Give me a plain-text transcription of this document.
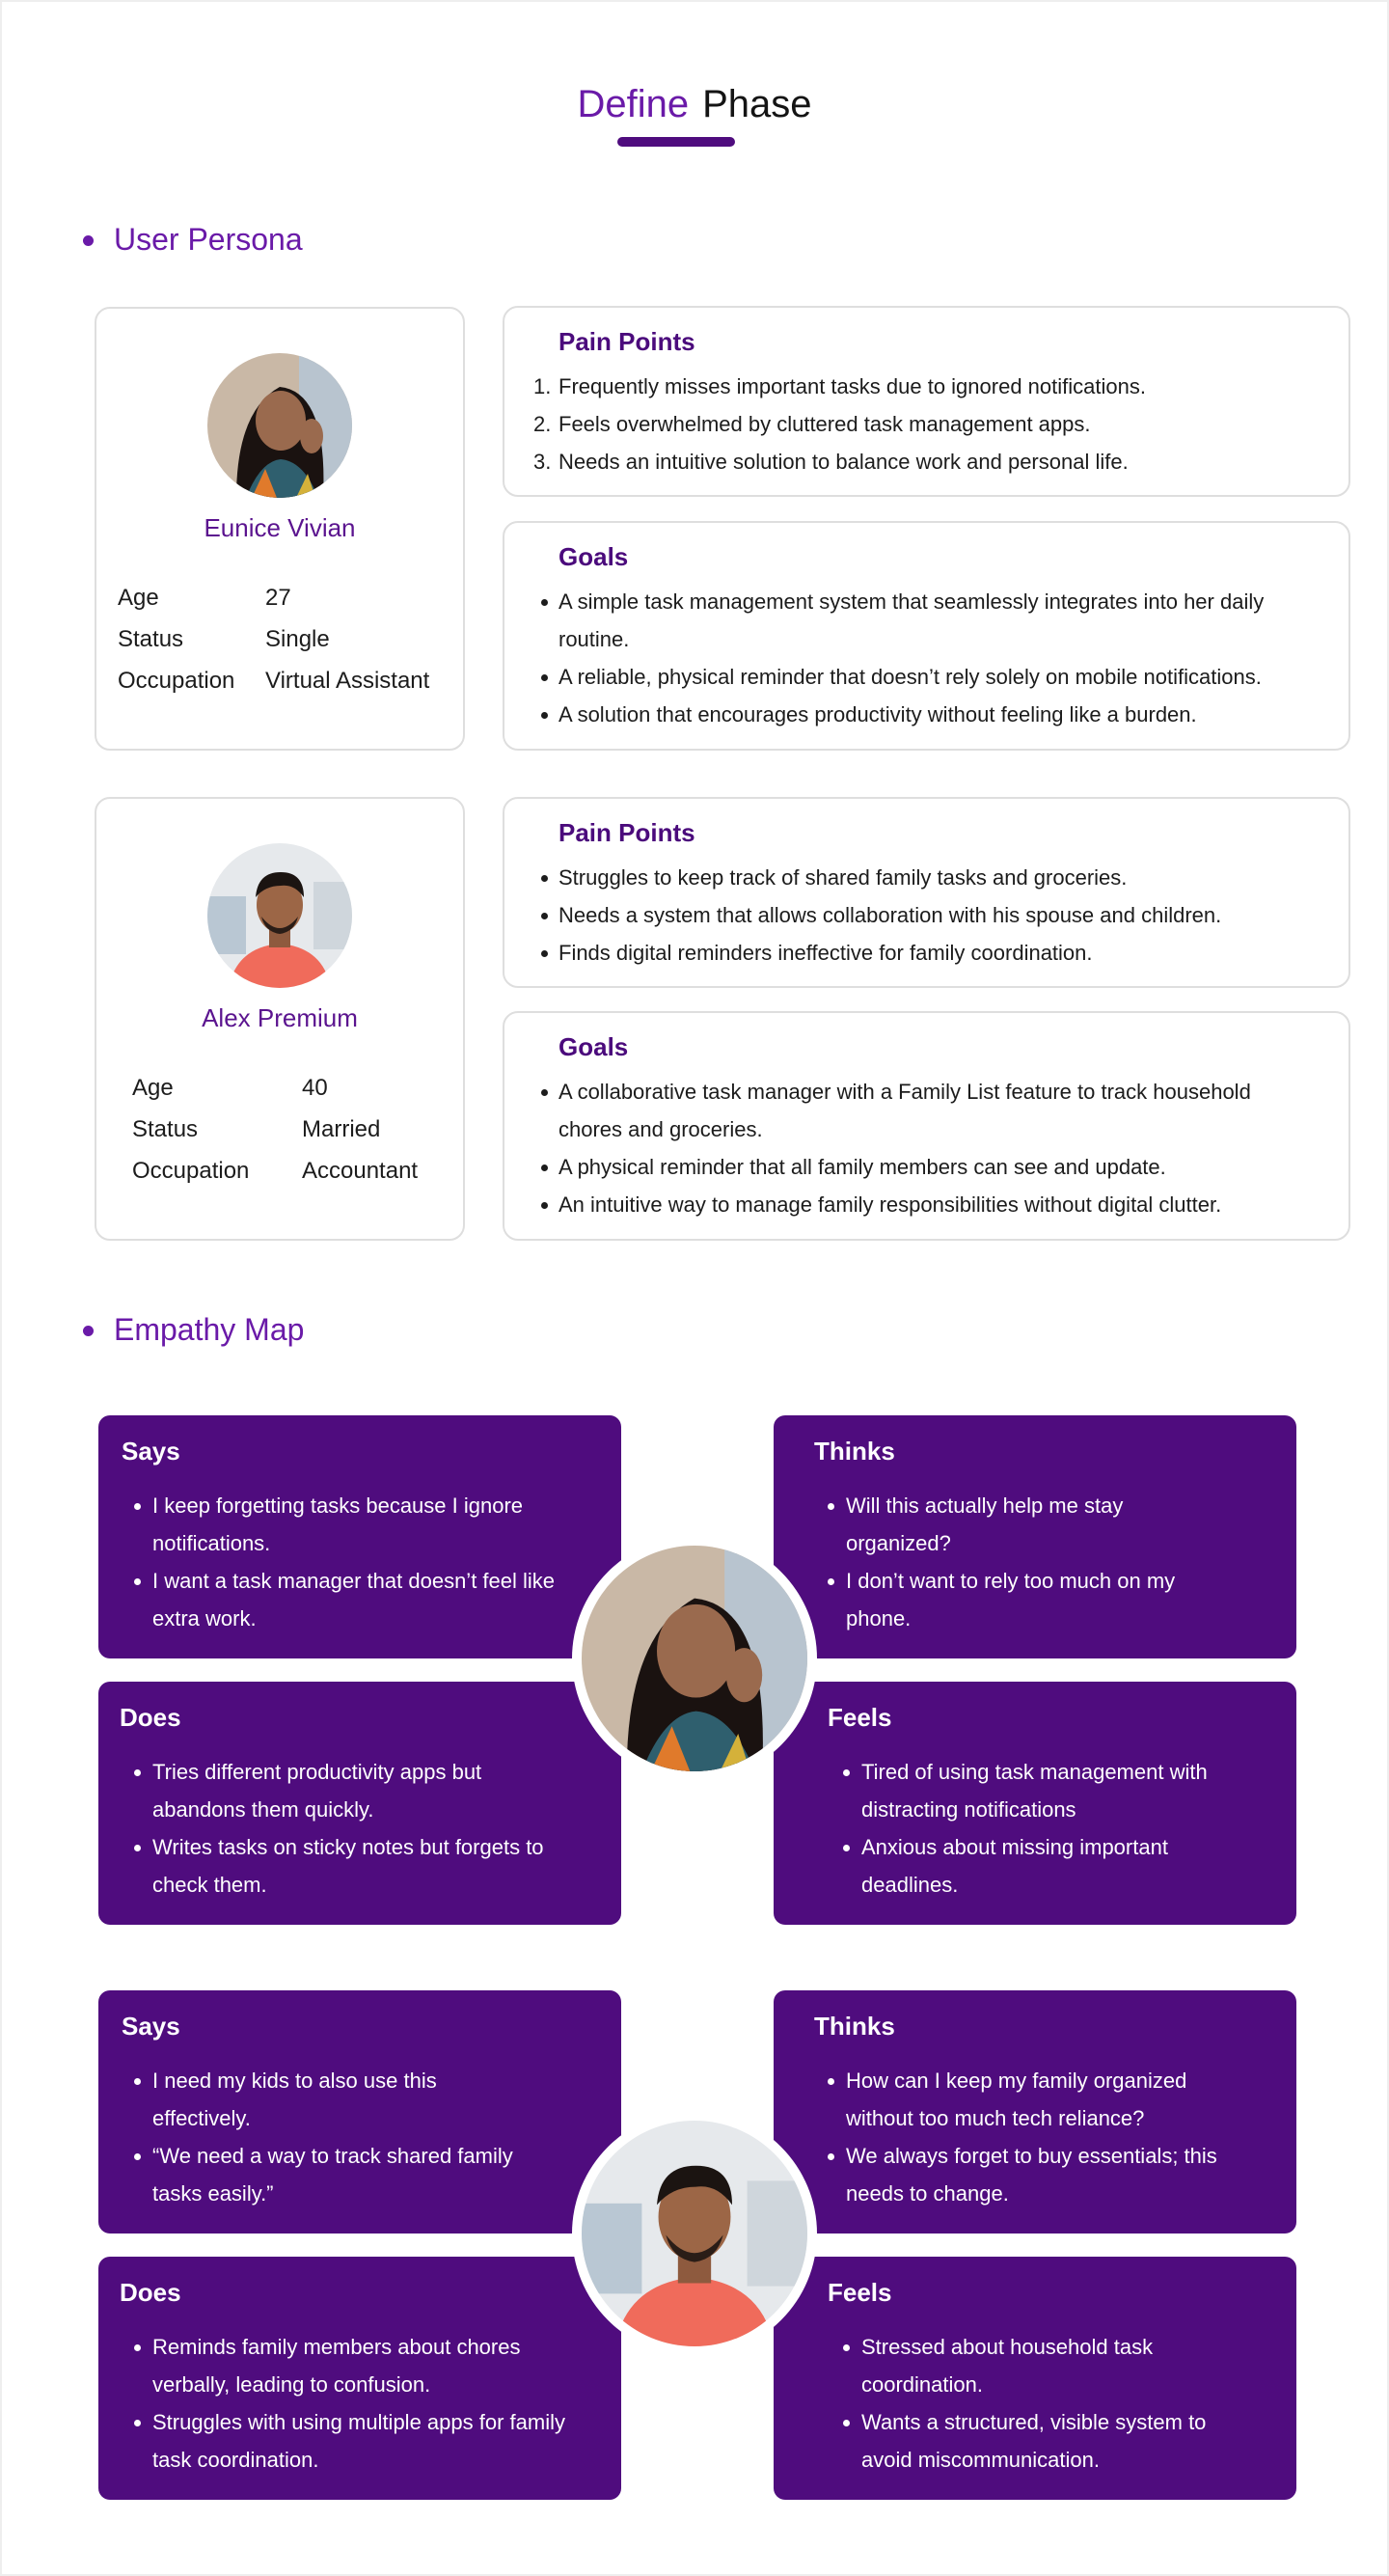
Define Phase
User Persona
Eunice Vivian
Age	27
Status	Single
Occupation	Virtual Assistant
Pain Points
1. Frequently misses important tasks due to ignored notifications.
2. Feels overwhelmed by cluttered task management apps.
3. Needs an intuitive solution to balance work and personal life.
Goals
A simple task management system that seamlessly integrates into her daily
routine.
A reliable, physical reminder that doesn’t rely solely on mobile notifications.
A solution that encourages productivity without feeling like a burden.
Alex Premium
Age	40
Status	Married
Occupation	Accountant
Pain Points
Struggles to keep track of shared family tasks and groceries.
Needs a system that allows collaboration with his spouse and children.
Finds digital reminders ineffective for family coordination.
Goals
A collaborative task manager with a Family List feature to track household
chores and groceries.
A physical reminder that all family members can see and update.
An intuitive way to manage family responsibilities without digital clutter.
Empathy Map
Says
I keep forgetting tasks because I ignore
notifications.
I want a task manager that doesn’t feel like
extra work.
Thinks
Will this actually help me stay
organized?
I don’t want to rely too much on my
phone.
Does
Tries different productivity apps but
abandons them quickly.
Writes tasks on sticky notes but forgets to
check them.
Feels
Tired of using task management with
distracting notifications
Anxious about missing important
deadlines.
Says
I need my kids to also use this
effectively.
“We need a way to track shared family
tasks easily.”
Thinks
How can I keep my family organized
without too much tech reliance?
We always forget to buy essentials; this
needs to change.
Does
Reminds family members about chores
verbally, leading to confusion.
Struggles with using multiple apps for family
task coordination.
Feels
Stressed about household task
coordination.
Wants a structured, visible system to
avoid miscommunication.
